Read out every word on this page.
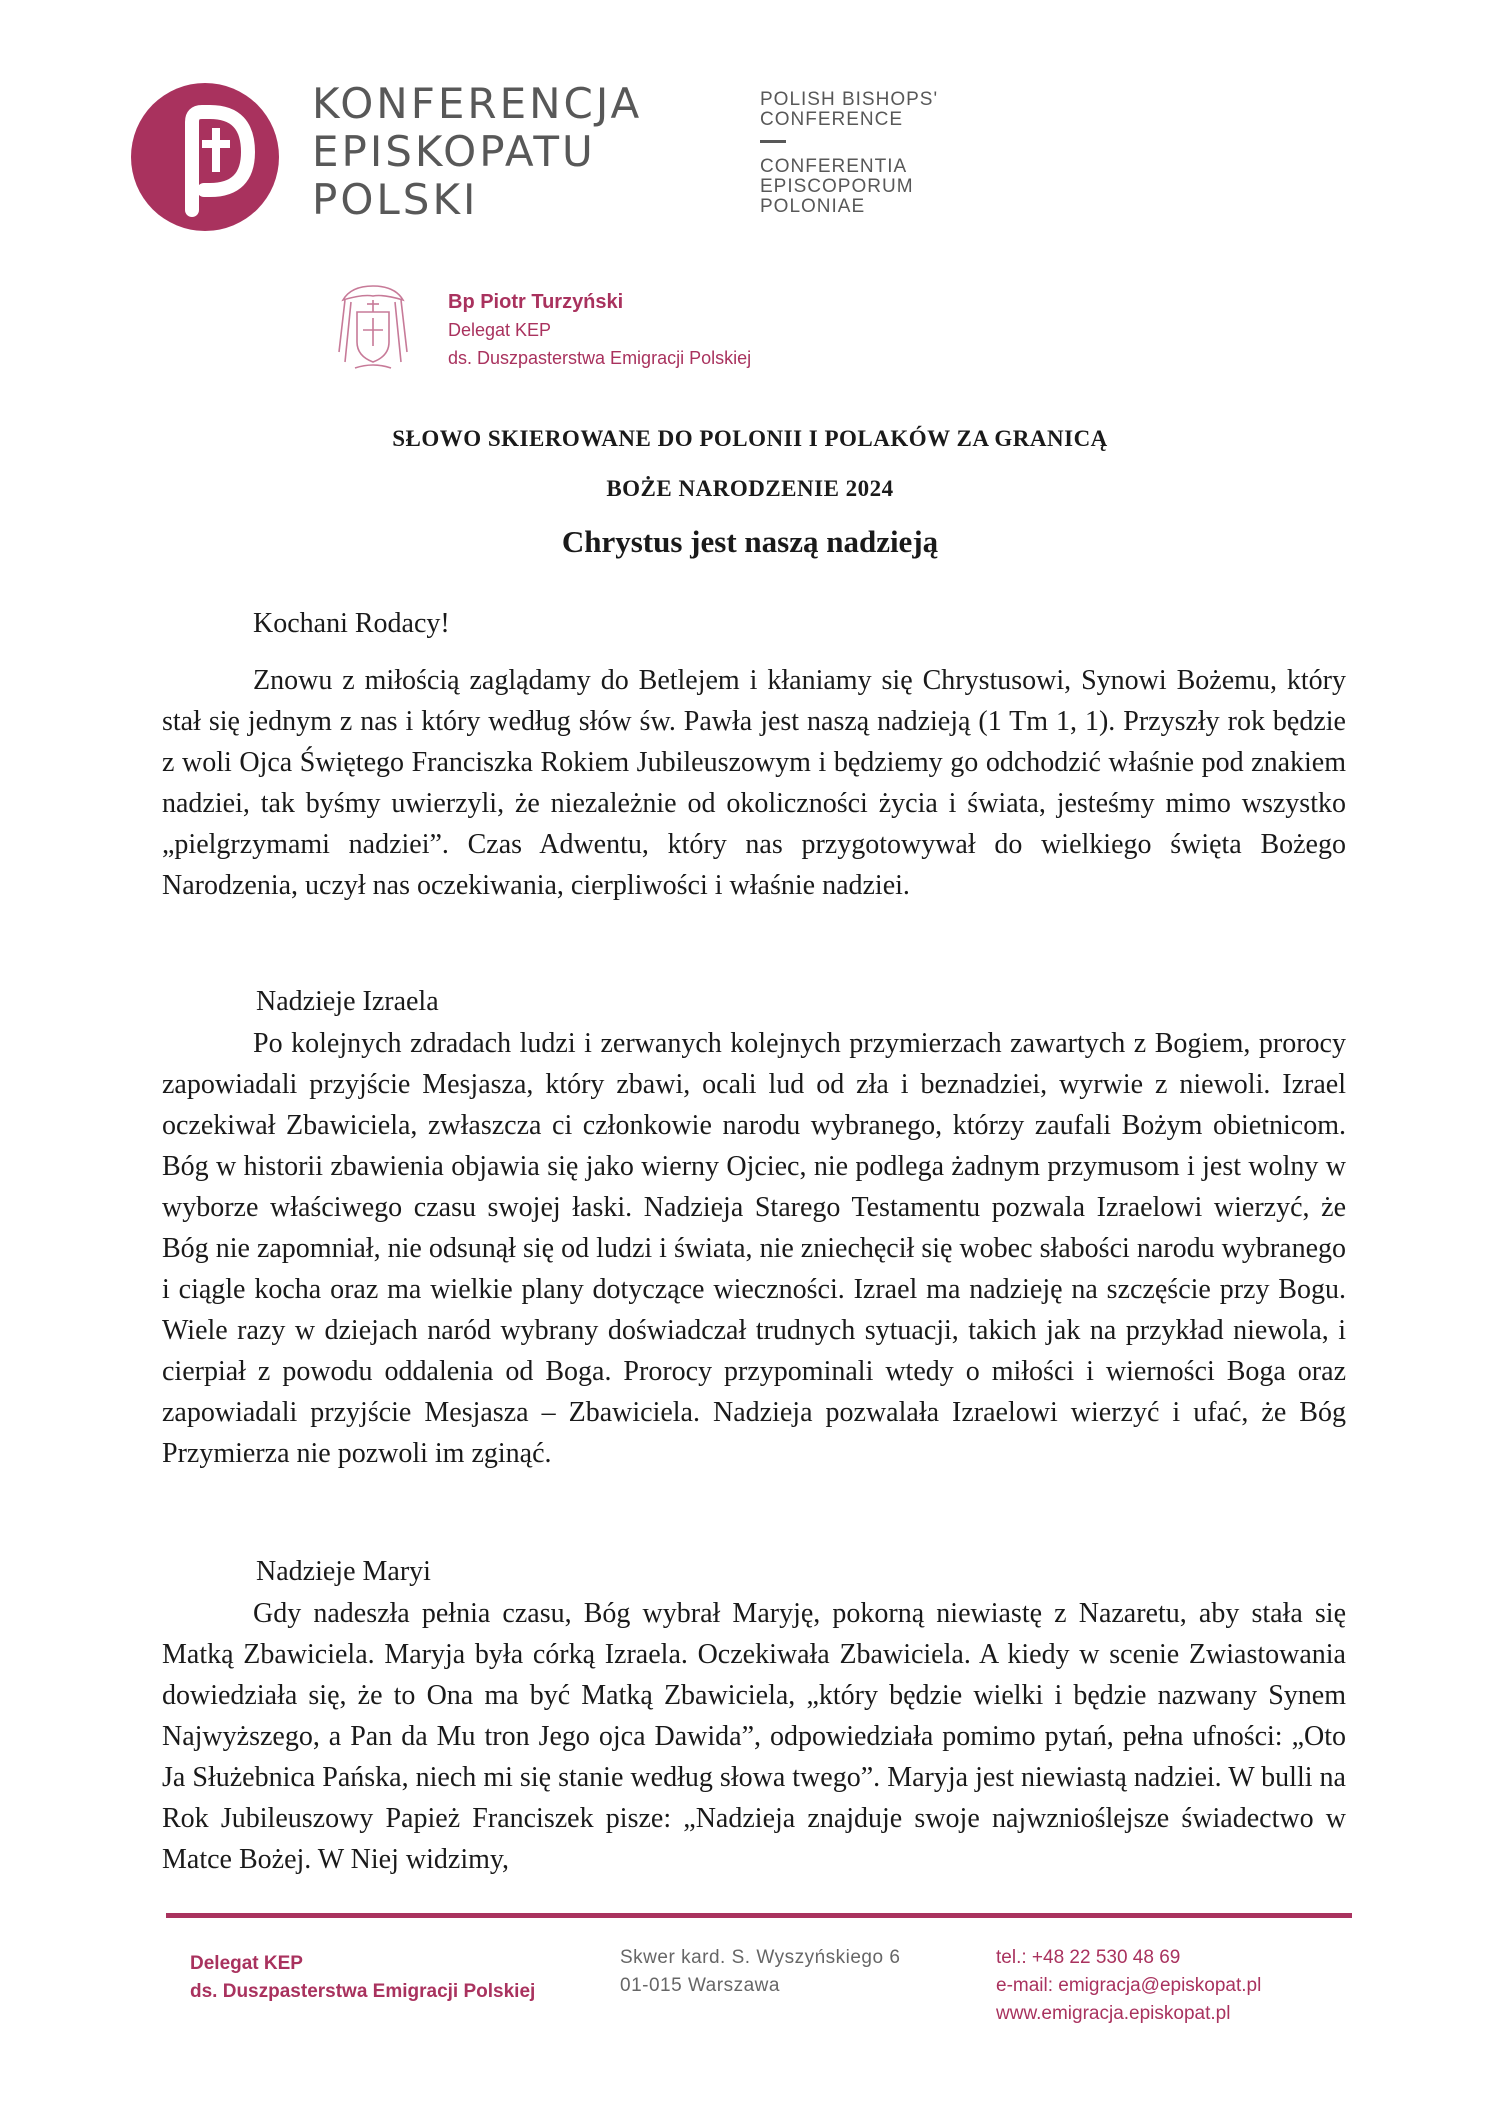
KONFERENCJA
EPISKOPATU
POLSKI
POLISH BISHOPS'
CONFERENCE
CONFERENTIA
EPISCOPORUM
POLONIAE
Bp Piotr Turzyński
Delegat KEP
ds. Duszpasterstwa Emigracji Polskiej
SŁOWO SKIEROWANE DO POLONII I POLAKÓW ZA GRANICĄ
BOŻE NARODZENIE 2024
Chrystus jest naszą nadzieją
Kochani Rodacy!

Znowu z miłością zaglądamy do Betlejem i kłaniamy się Chrystusowi, Synowi Bożemu, który stał się jednym z nas i który według słów św. Pawła jest naszą nadzieją (1 Tm 1, 1). Przyszły rok będzie z woli Ojca Świętego Franciszka Rokiem Jubileuszowym i będziemy go odchodzić właśnie pod znakiem nadziei, tak byśmy uwierzyli, że niezależnie od okoliczności życia i świata, jesteśmy mimo wszystko „pielgrzymami nadziei”. Czas Adwentu, który nas przygotowywał do wielkiego święta Bożego Narodzenia, uczył nas oczekiwania, cierpliwości i właśnie nadziei.

Nadzieje Izraela

Po kolejnych zdradach ludzi i zerwanych kolejnych przymierzach zawartych z Bogiem, prorocy zapowiadali przyjście Mesjasza, który zbawi, ocali lud od zła i beznadziei, wyrwie z niewoli. Izrael oczekiwał Zbawiciela, zwłaszcza ci członkowie narodu wybranego, którzy zaufali Bożym obietnicom. Bóg w historii zbawienia objawia się jako wierny Ojciec, nie podlega żadnym przymusom i jest wolny w wyborze właściwego czasu swojej łaski. Nadzieja Starego Testamentu pozwala Izraelowi wierzyć, że Bóg nie zapomniał, nie odsunął się od ludzi i świata, nie zniechęcił się wobec słabości narodu wybranego i ciągle kocha oraz ma wielkie plany dotyczące wieczności. Izrael ma nadzieję na szczęście przy Bogu. Wiele razy w dziejach naród wybrany doświadczał trudnych sytuacji, takich jak na przykład niewola, i cierpiał z powodu oddalenia od Boga. Prorocy przypominali wtedy o miłości i wierności Boga oraz zapowiadali przyjście Mesjasza – Zbawiciela. Nadzieja pozwalała Izraelowi wierzyć i ufać, że Bóg Przymierza nie pozwoli im zginąć.

Nadzieje Maryi

Gdy nadeszła pełnia czasu, Bóg wybrał Maryję, pokorną niewiastę z Nazaretu, aby stała się Matką Zbawiciela. Maryja była córką Izraela. Oczekiwała Zbawiciela. A kiedy w scenie Zwiastowania dowiedziała się, że to Ona ma być Matką Zbawiciela, „który będzie wielki i będzie nazwany Synem Najwyższego, a Pan da Mu tron Jego ojca Dawida”, odpowiedziała pomimo pytań, pełna ufności: „Oto Ja Służebnica Pańska, niech mi się stanie według słowa twego”. Maryja jest niewiastą nadziei. W bulli na Rok Jubileuszowy Papież Franciszek pisze: „Nadzieja znajduje swoje najwznioślejsze świadectwo w Matce Bożej. W Niej widzimy,

Delegat KEP
ds. Duszpasterstwa Emigracji Polskiej
Skwer kard. S. Wyszyńskiego 6
01-015 Warszawa
tel.: +48 22 530 48 69
e-mail: emigracja@episkopat.pl
www.emigracja.episkopat.pl
